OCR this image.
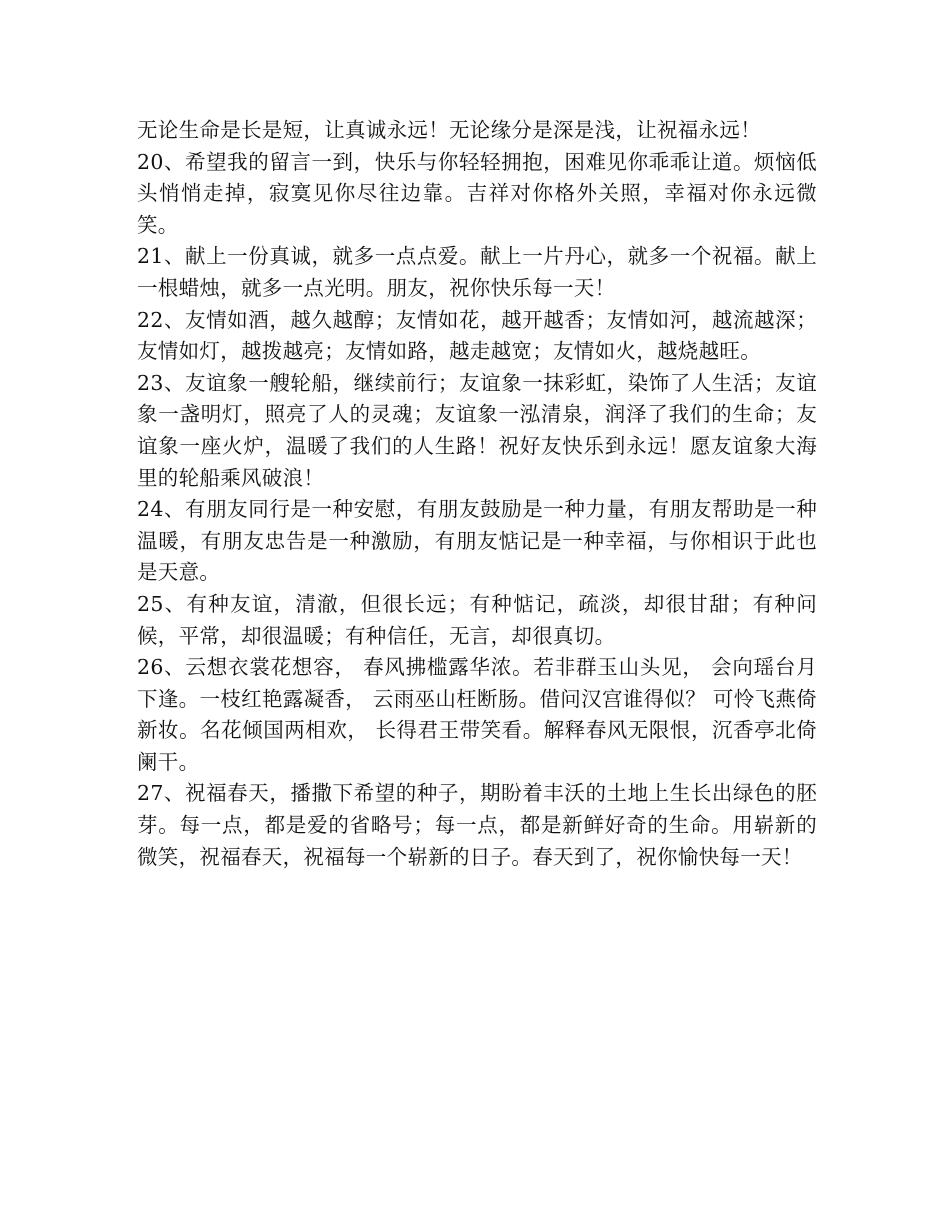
无论生命是长是短，让真诚永远！无论缘分是深是浅，让祝福永远！

20、希望我的留言一到，快乐与你轻轻拥抱，困难见你乖乖让道。烦恼低头悄悄走掉，寂寞见你尽往边靠。吉祥对你格外关照，幸福对你永远微笑。

21、献上一份真诚，就多一点点爱。献上一片丹心，就多一个祝福。献上一根蜡烛，就多一点光明。朋友，祝你快乐每一天！

22、友情如酒，越久越醇；友情如花，越开越香；友情如河，越流越深；友情如灯，越拨越亮；友情如路，越走越宽；友情如火，越烧越旺。

23、友谊象一艘轮船，继续前行；友谊象一抹彩虹，染饰了人生活；友谊象一盏明灯，照亮了人的灵魂；友谊象一泓清泉，润泽了我们的生命；友谊象一座火炉，温暖了我们的人生路！祝好友快乐到永远！愿友谊象大海里的轮船乘风破浪！

24、有朋友同行是一种安慰，有朋友鼓励是一种力量，有朋友帮助是一种温暖，有朋友忠告是一种激励，有朋友惦记是一种幸福，与你相识于此也是天意。

25、有种友谊，清澈，但很长远；有种惦记，疏淡，却很甘甜；有种问候，平常，却很温暖；有种信任，无言，却很真切。

26、云想衣裳花想容， 春风拂槛露华浓。若非群玉山头见， 会向瑶台月下逢。一枝红艳露凝香， 云雨巫山枉断肠。借问汉宫谁得似？ 可怜飞燕倚新妆。名花倾国两相欢， 长得君王带笑看。解释春风无限恨，沉香亭北倚阑干。

27、祝福春天，播撒下希望的种子，期盼着丰沃的土地上生长出绿色的胚芽。每一点，都是爱的省略号；每一点，都是新鲜好奇的生命。用崭新的微笑，祝福春天，祝福每一个崭新的日子。春天到了，祝你愉快每一天！
